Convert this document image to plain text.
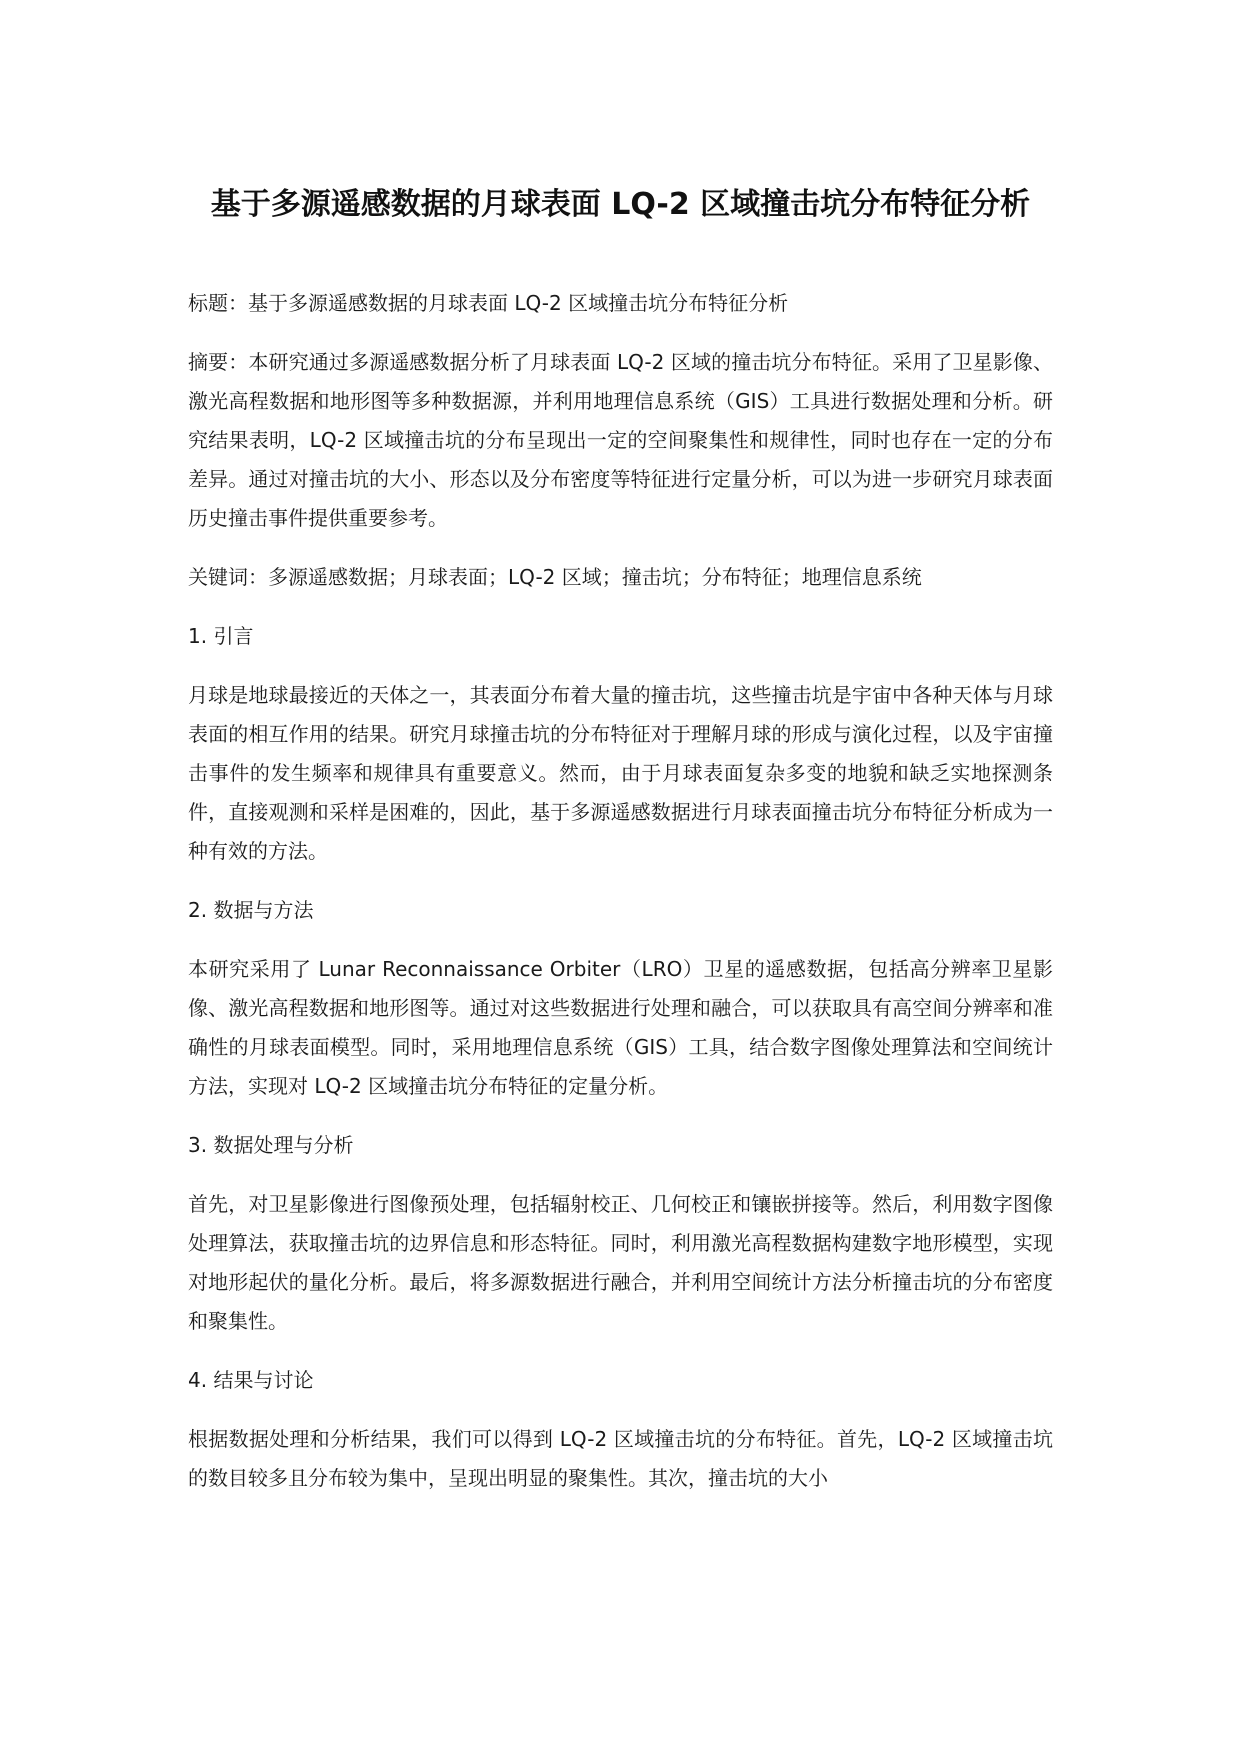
基于多源遥感数据的月球表面 LQ-2 区域撞击坑分布特征分析

标题：基于多源遥感数据的月球表面 LQ-2 区域撞击坑分布特征分析

摘要：本研究通过多源遥感数据分析了月球表面 LQ-2 区域的撞击坑分布特征。采用了卫星影像、激光高程数据和地形图等多种数据源，并利用地理信息系统（GIS）工具进行数据处理和分析。研究结果表明，LQ-2 区域撞击坑的分布呈现出一定的空间聚集性和规律性，同时也存在一定的分布差异。通过对撞击坑的大小、形态以及分布密度等特征进行定量分析，可以为进一步研究月球表面历史撞击事件提供重要参考。

关键词：多源遥感数据；月球表面；LQ-2 区域；撞击坑；分布特征；地理信息系统

1. 引言

月球是地球最接近的天体之一，其表面分布着大量的撞击坑，这些撞击坑是宇宙中各种天体与月球表面的相互作用的结果。研究月球撞击坑的分布特征对于理解月球的形成与演化过程，以及宇宙撞击事件的发生频率和规律具有重要意义。然而，由于月球表面复杂多变的地貌和缺乏实地探测条件，直接观测和采样是困难的，因此，基于多源遥感数据进行月球表面撞击坑分布特征分析成为一种有效的方法。

2. 数据与方法

本研究采用了 Lunar Reconnaissance Orbiter（LRO）卫星的遥感数据，包括高分辨率卫星影像、激光高程数据和地形图等。通过对这些数据进行处理和融合，可以获取具有高空间分辨率和准确性的月球表面模型。同时，采用地理信息系统（GIS）工具，结合数字图像处理算法和空间统计方法，实现对 LQ-2 区域撞击坑分布特征的定量分析。

3. 数据处理与分析

首先，对卫星影像进行图像预处理，包括辐射校正、几何校正和镶嵌拼接等。然后，利用数字图像处理算法，获取撞击坑的边界信息和形态特征。同时，利用激光高程数据构建数字地形模型，实现对地形起伏的量化分析。最后，将多源数据进行融合，并利用空间统计方法分析撞击坑的分布密度和聚集性。

4. 结果与讨论

根据数据处理和分析结果，我们可以得到 LQ-2 区域撞击坑的分布特征。首先，LQ-2 区域撞击坑的数目较多且分布较为集中，呈现出明显的聚集性。其次，撞击坑的大小
